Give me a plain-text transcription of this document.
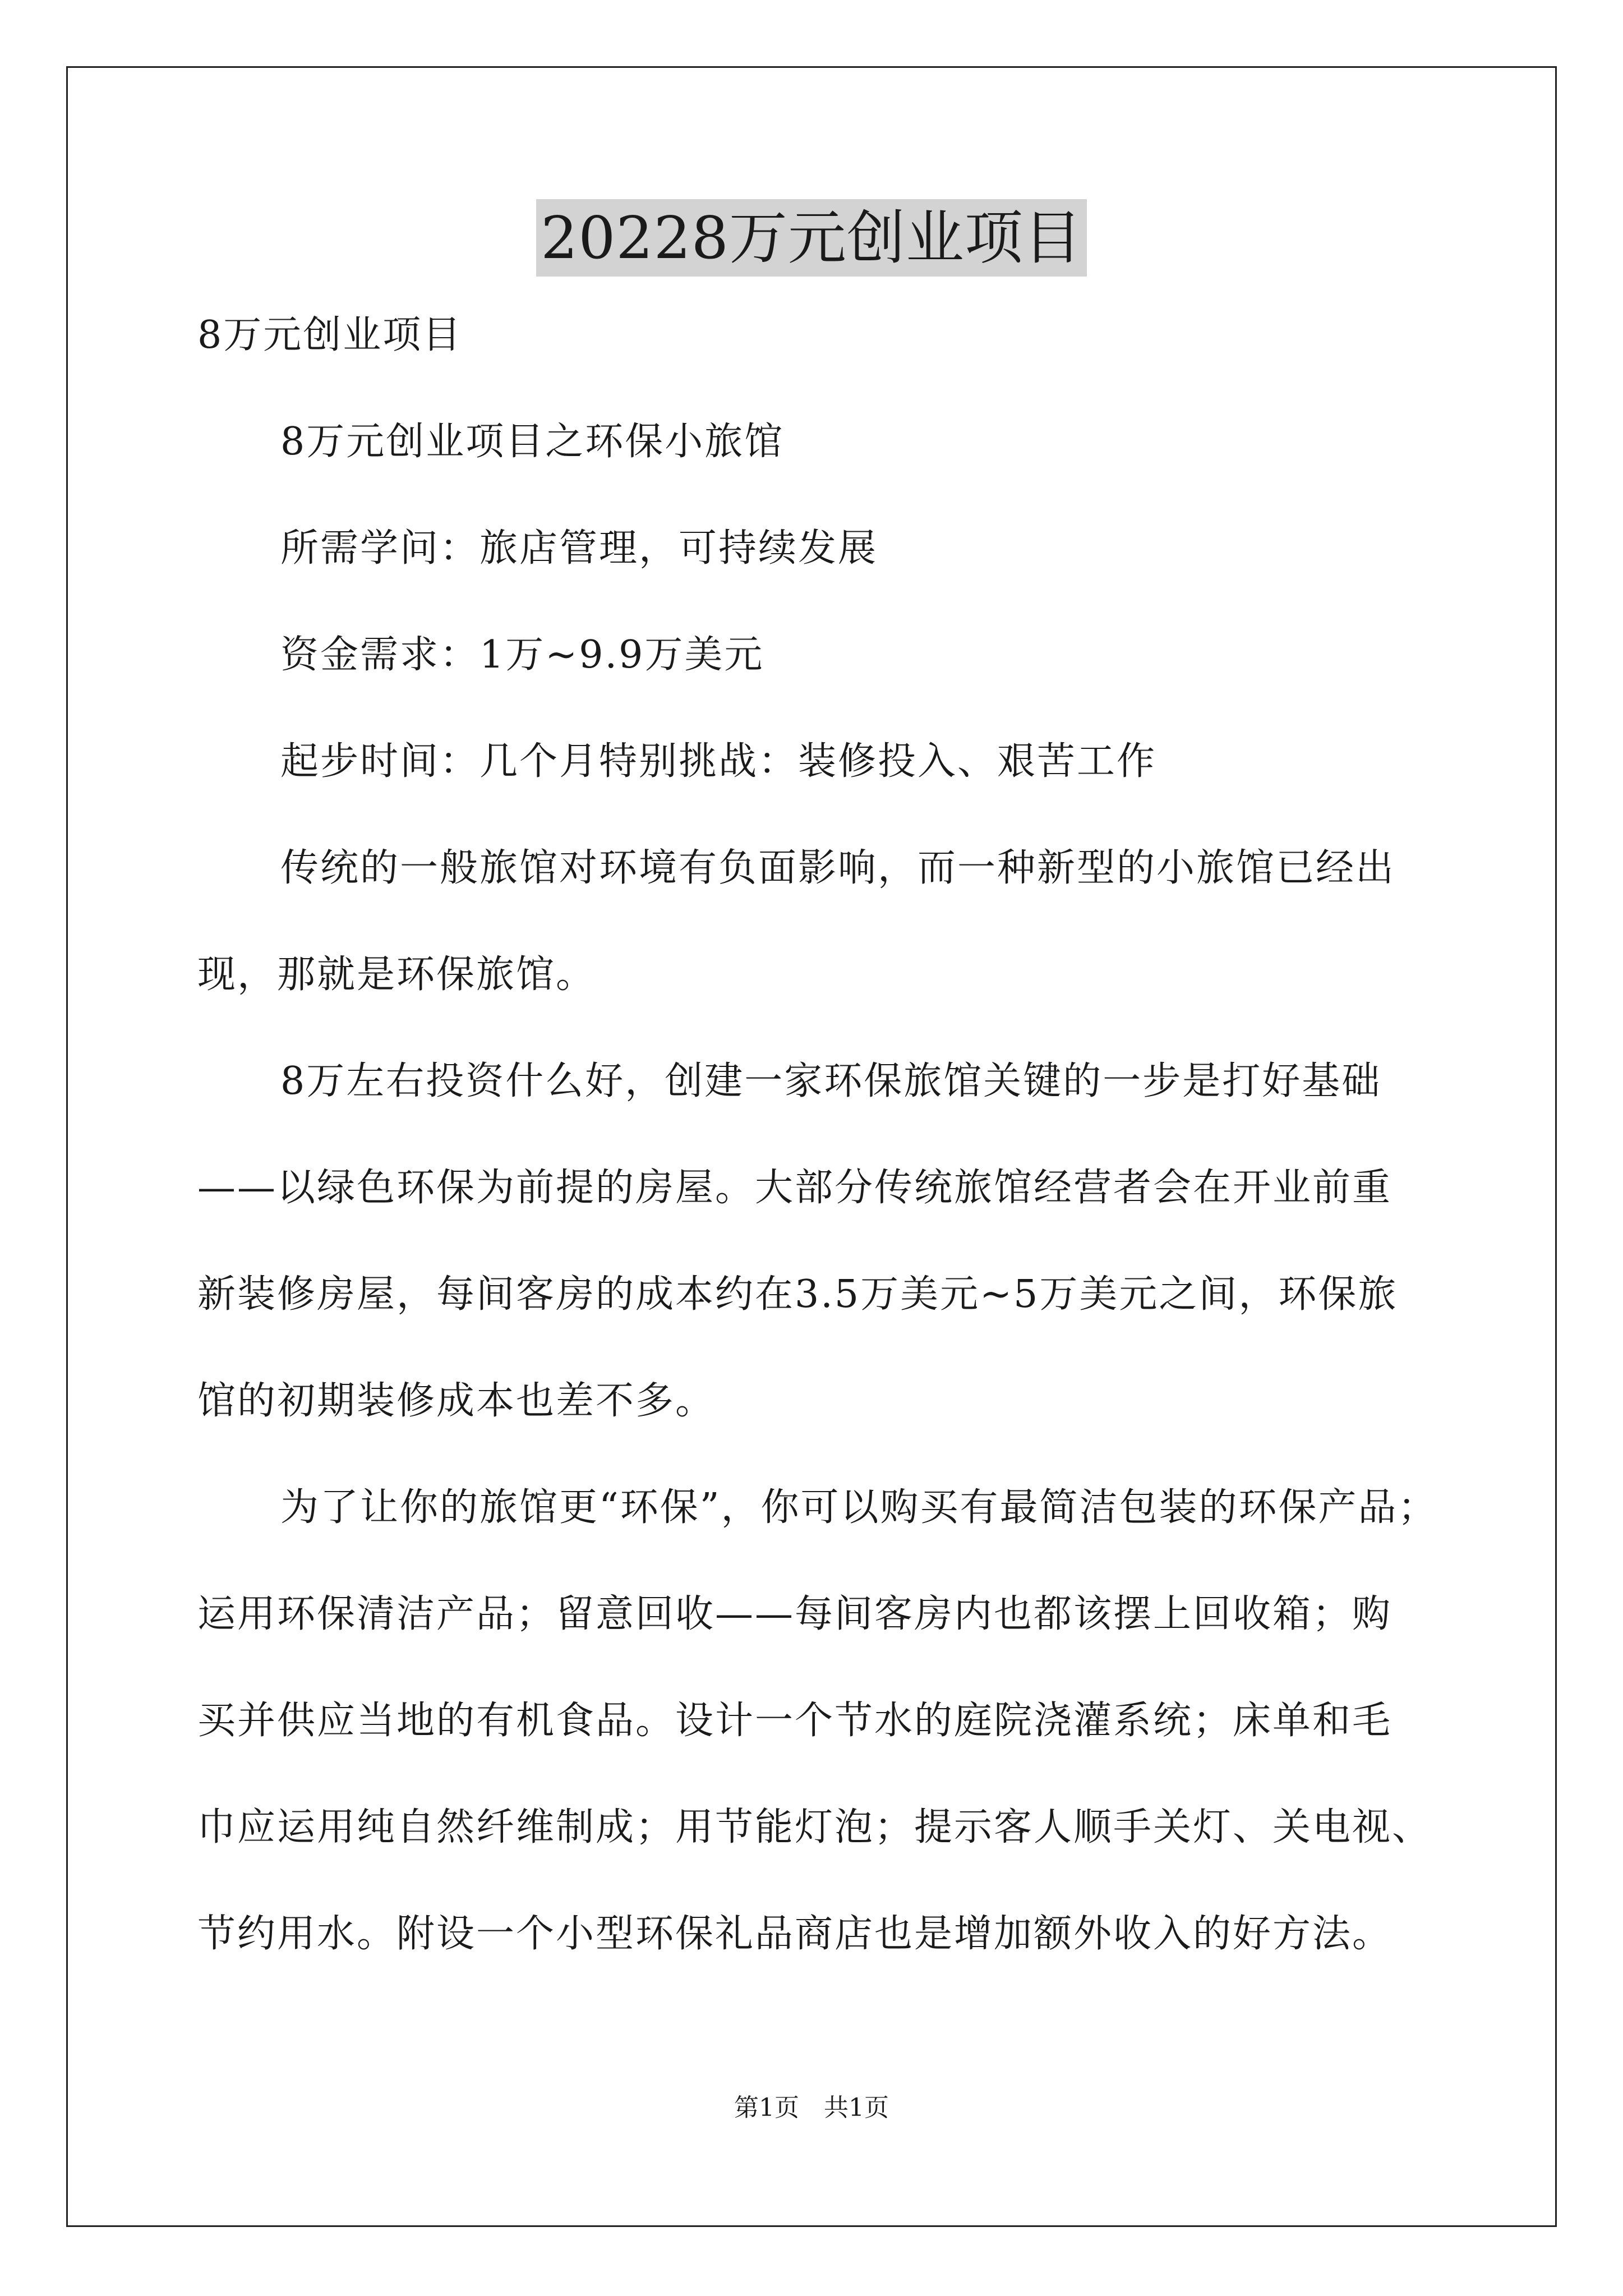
20228万元创业项目
8万元创业项目
8万元创业项目之环保小旅馆
所需学问：旅店管理，可持续发展
资金需求：1万~9.9万美元
起步时间：几个月特别挑战：装修投入、艰苦工作
传统的一般旅馆对环境有负面影响，而一种新型的小旅馆已经出
现，那就是环保旅馆。
8万左右投资什么好，创建一家环保旅馆关键的一步是打好基础
——以绿色环保为前提的房屋。大部分传统旅馆经营者会在开业前重
新装修房屋，每间客房的成本约在3.5万美元~5万美元之间，环保旅
馆的初期装修成本也差不多。
为了让你的旅馆更“环保”，你可以购买有最简洁包装的环保产品；
运用环保清洁产品；留意回收——每间客房内也都该摆上回收箱；购
买并供应当地的有机食品。设计一个节水的庭院浇灌系统；床单和毛
巾应运用纯自然纤维制成；用节能灯泡；提示客人顺手关灯、关电视、
节约用水。附设一个小型环保礼品商店也是增加额外收入的好方法。
第1页　共1页
